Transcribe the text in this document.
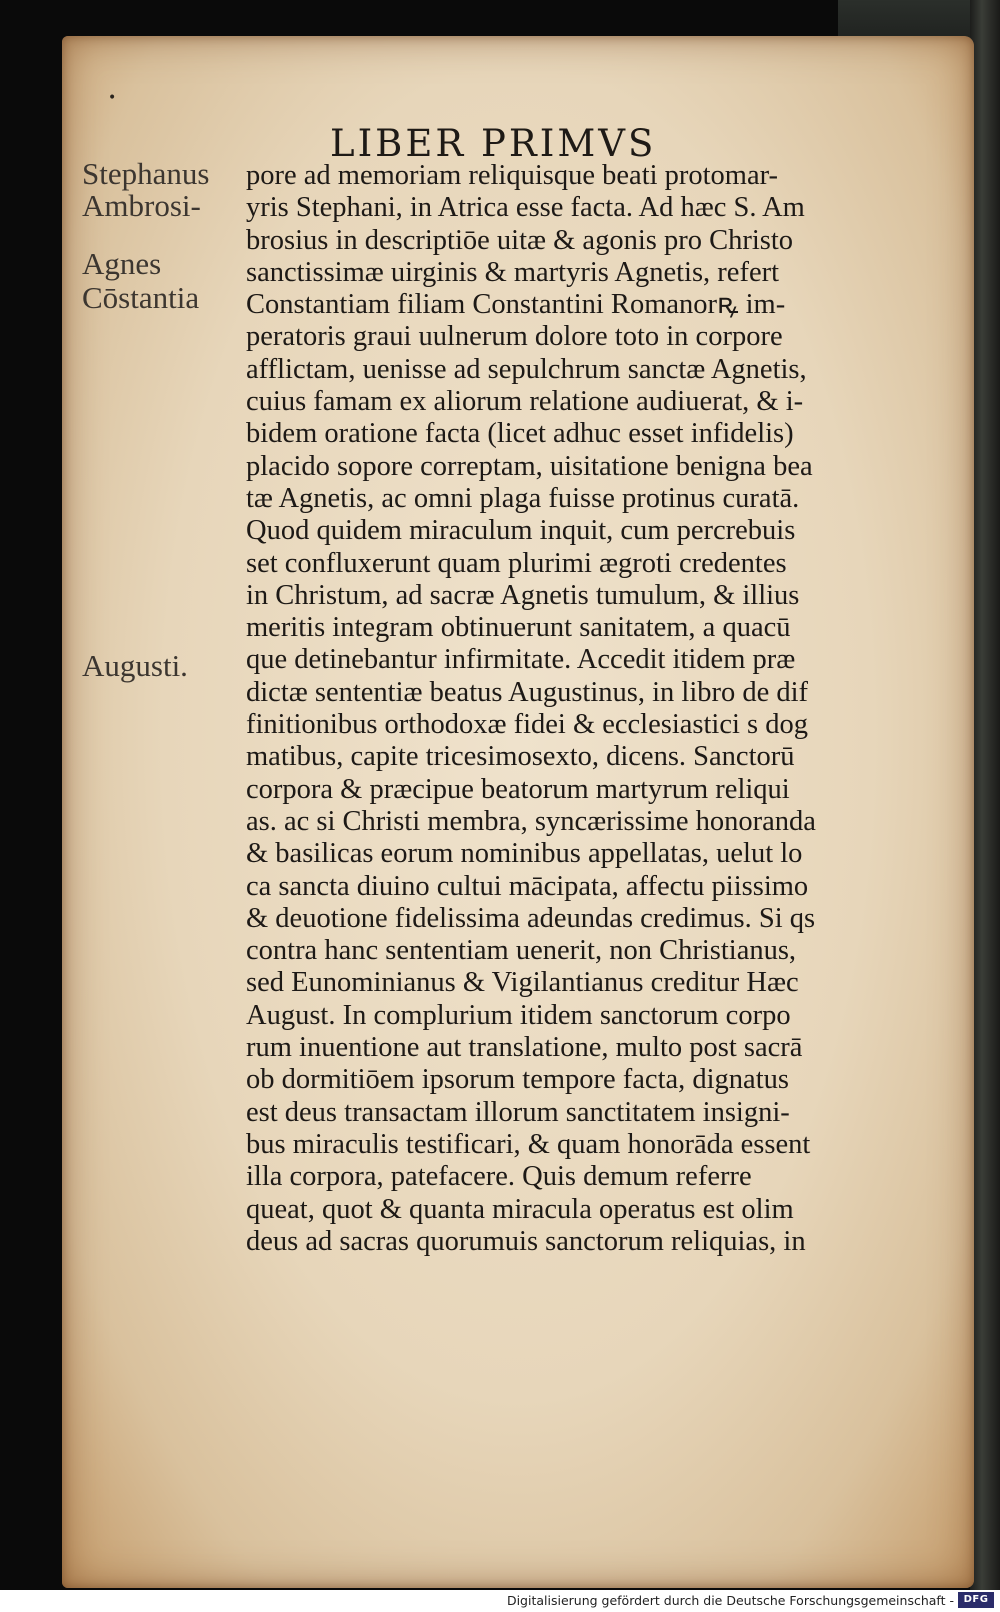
•
LIBER PRIMVS
Stephanus
Ambrosi-
Agnes
Cōstantia
Augusti.
pore ad memoriam reliquisque beati protomar-
yris Stephani, in Atrica esse facta. Ad hæc S. Am
brosius in descriptiōe uitæ & agonis pro Christo
sanctissimæ uirginis & martyris Agnetis, refert
Constantiam filiam Constantini Romanorꝶ im-
peratoris graui uulnerum dolore toto in corpore
afflictam, uenisse ad sepulchrum sanctæ Agnetis,
cuius famam ex aliorum relatione audiuerat, & i-
bidem oratione facta (licet adhuc esset infidelis)
placido sopore correptam, uisitatione benigna bea
tæ Agnetis, ac omni plaga fuisse protinus curatā.
Quod quidem miraculum inquit, cum percrebuis
set confluxerunt quam plurimi ægroti credentes
in Christum, ad sacræ Agnetis tumulum, & illius
meritis integram obtinuerunt sanitatem, a quacū
que detinebantur infirmitate. Accedit itidem præ
dictæ sententiæ beatus Augustinus, in libro de dif
finitionibus orthodoxæ fidei & ecclesiastici s dog
matibus, capite tricesimosexto, dicens. Sanctorū
corpora & præcipue beatorum martyrum reliqui
as. ac si Christi membra, syncærissime honoranda
& basilicas eorum nominibus appellatas, uelut lo
ca sancta diuino cultui mācipata, affectu piissimo
& deuotione fidelissima adeundas credimus. Si qs
contra hanc sententiam uenerit, non Christianus,
sed Eunominianus & Vigilantianus creditur Hæc
August. In complurium itidem sanctorum corpo
rum inuentione aut translatione, multo post sacrā
ob dormitiōem ipsorum tempore facta, dignatus
est deus transactam illorum sanctitatem insigni-
bus miraculis testificari, & quam honorāda essent
illa corpora, patefacere. Quis demum referre
queat, quot & quanta miracula operatus est olim
deus ad sacras quorumuis sanctorum reliquias, in
Digitalisierung gefördert durch die Deutsche Forschungsgemeinschaft - DFG
